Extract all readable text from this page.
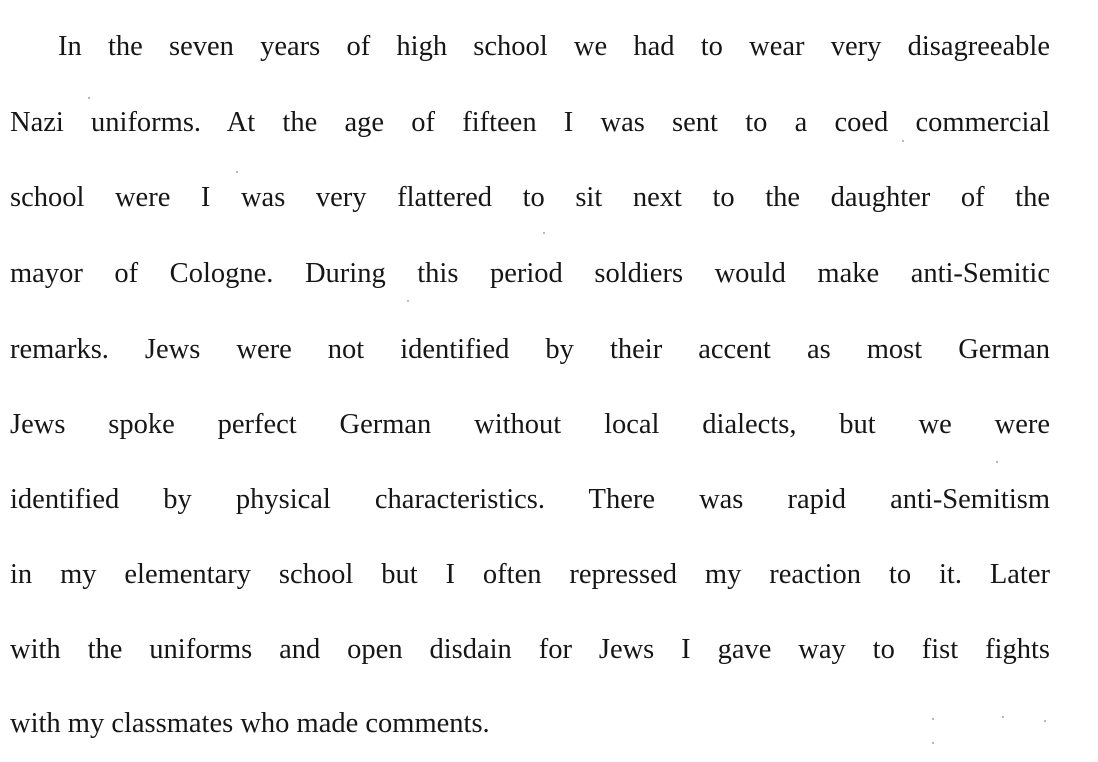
In the seven years of high school we had to wear very disagreeable
Nazi uniforms. At the age of fifteen I was sent to a coed commercial
school were I was very flattered to sit next to the daughter of the
mayor of Cologne. During this period soldiers would make anti-Semitic
remarks. Jews were not identified by their accent as most German
Jews spoke perfect German without local dialects, but we were
identified by physical characteristics. There was rapid anti-Semitism
in my elementary school but I often repressed my reaction to it. Later
with the uniforms and open disdain for Jews I gave way to fist fights
with my classmates who made comments.
